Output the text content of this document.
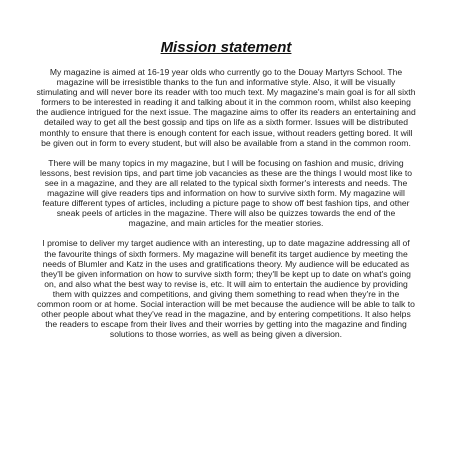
Mission statement

My magazine is aimed at 16-19 year olds who currently go to the Douay Martyrs School. The magazine will be irresistible thanks to the fun and informative style. Also, it will be visually stimulating and will never bore its reader with too much text. My magazine's main goal is for all sixth formers to be interested in reading it and talking about it in the common room, whilst also keeping the audience intrigued for the next issue. The magazine aims to offer its readers an entertaining and detailed way to get all the best gossip and tips on life as a sixth former. Issues will be distributed monthly to ensure that there is enough content for each issue, without readers getting bored. It will be given out in form to every student, but will also be available from a stand in the common room.

There will be many topics in my magazine, but I will be focusing on fashion and music, driving lessons, best revision tips, and part time job vacancies as these are the things I would most like to see in a magazine, and they are all related to the typical sixth former's interests and needs. The magazine will give readers tips and information on how to survive sixth form. My magazine will feature different types of articles, including a picture page to show off best fashion tips, and other sneak peels of articles in the magazine. There will also be quizzes towards the end of the magazine, and main articles for the meatier stories.

I promise to deliver my target audience with an interesting, up to date magazine addressing all of the favourite things of sixth formers. My magazine will benefit its target audience by meeting the needs of Blumler and Katz in the uses and gratifications theory. My audience will be educated as they'll be given information on how to survive sixth form; they'll be kept up to date on what's going on, and also what the best way to revise is, etc. It will aim to entertain the audience by providing them with quizzes and competitions, and giving them something to read when they're in the common room or at home. Social interaction will be met because the audience will be able to talk to other people about what they've read in the magazine, and by entering competitions. It also helps the readers to escape from their lives and their worries by getting into the magazine and finding solutions to those worries, as well as being given a diversion.
